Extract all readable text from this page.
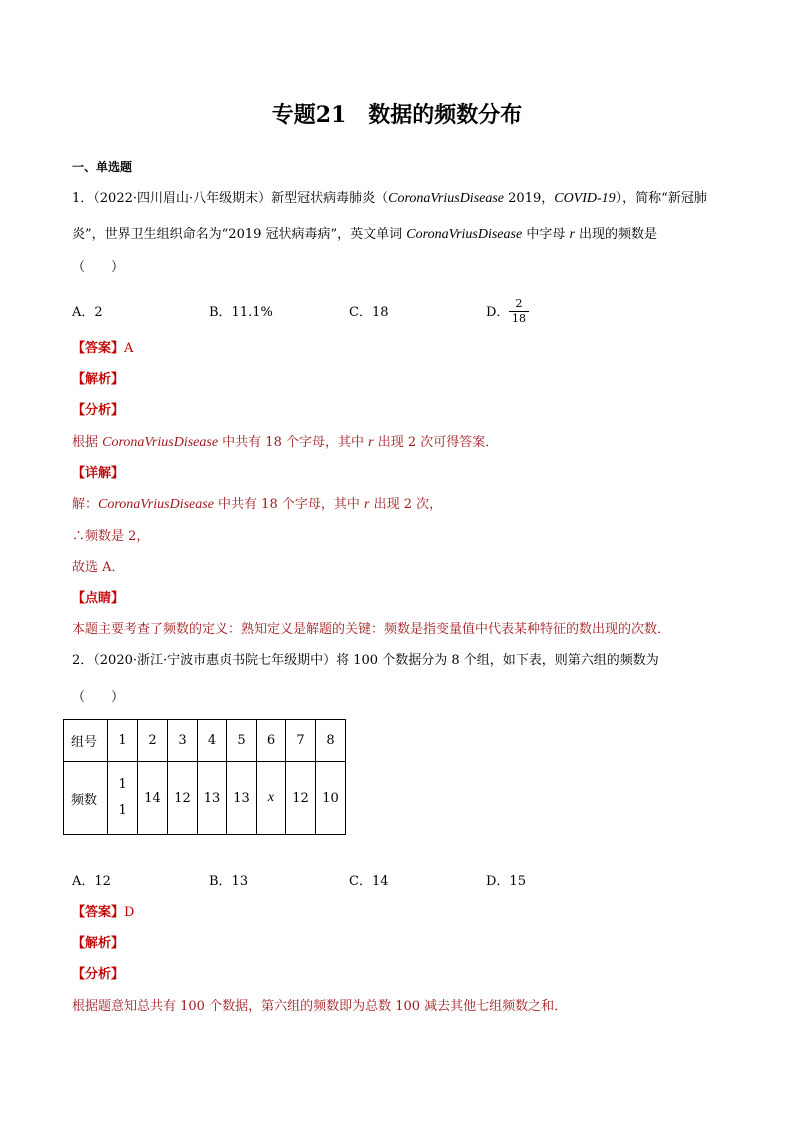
专题21　数据的频数分布
一、单选题
1．（2022·四川眉山·八年级期末）新型冠状病毒肺炎（CoronaVriusDisease 2019，COVID-19），简称“新冠肺
炎”，世界卫生组织命名为“2019 冠状病毒病”，英文单词 CoronaVriusDisease 中字母 r 出现的频数是
（　　）
A．2	B．11.1%	C．18	D． $\frac{2}{18}$
【答案】A
【解析】
【分析】
根据 CoronaVriusDisease 中共有 18 个字母，其中 r 出现 2 次可得答案．
【详解】
解：CoronaVriusDisease 中共有 18 个字母，其中 r 出现 2 次，
∴频数是 2，
故选 A．
【点睛】
本题主要考查了频数的定义：熟知定义是解题的关键：频数是指变量值中代表某种特征的数出现的次数．
2．（2020·浙江·宁波市惠贞书院七年级期中）将 100 个数据分为 8 个组，如下表，则第六组的频数为
（　　）
组号	1	2	3	4	5	6	7	8
频数	11	14	12	13	13	x	12	10
A．12	B．13	C．14	D．15
【答案】D
【解析】
【分析】
根据题意知总共有 100 个数据，第六组的频数即为总数 100 减去其他七组频数之和．
